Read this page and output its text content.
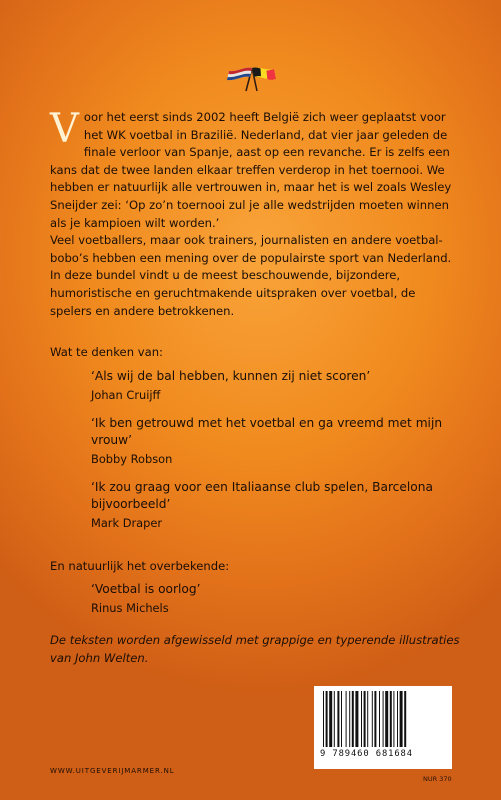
V oor het eerst sinds 2002 heeft België zich weer geplaatst voor het WK voetbal in Brazilië. Nederland, dat vier jaar geleden de finale verloor van Spanje, aast op een revanche. Er is zelfs een kans dat de twee landen elkaar treffen verderop in het toernooi. We hebben er natuurlijk alle vertrouwen in, maar het is wel zoals Wesley Sneijder zei: ‘Op zo’n toernooi zul je alle wedstrijden moeten winnen als je kampioen wilt worden.’

Veel voetballers, maar ook trainers, journalisten en andere voetbal-bobo’s hebben een mening over de populairste sport van Nederland. In deze bundel vindt u de meest beschouwende, bijzondere, humoristische en geruchtmakende uitspraken over voetbal, de spelers en andere betrokkenen.

Wat te denken van:
‘Als wij de bal hebben, kunnen zij niet scoren’
Johan Cruijff
‘Ik ben getrouwd met het voetbal en ga vreemd met mijn vrouw’
Bobby Robson
‘Ik zou graag voor een Italiaanse club spelen, Barcelona bijvoorbeeld’
Mark Draper
En natuurlijk het overbekende:
‘Voetbal is oorlog’
Rinus Michels
De teksten worden afgewisseld met grappige en typerende illustraties van John Welten.
WWW.UITGEVERIJMARMER.NL
9 789460 681684
NUR 370
